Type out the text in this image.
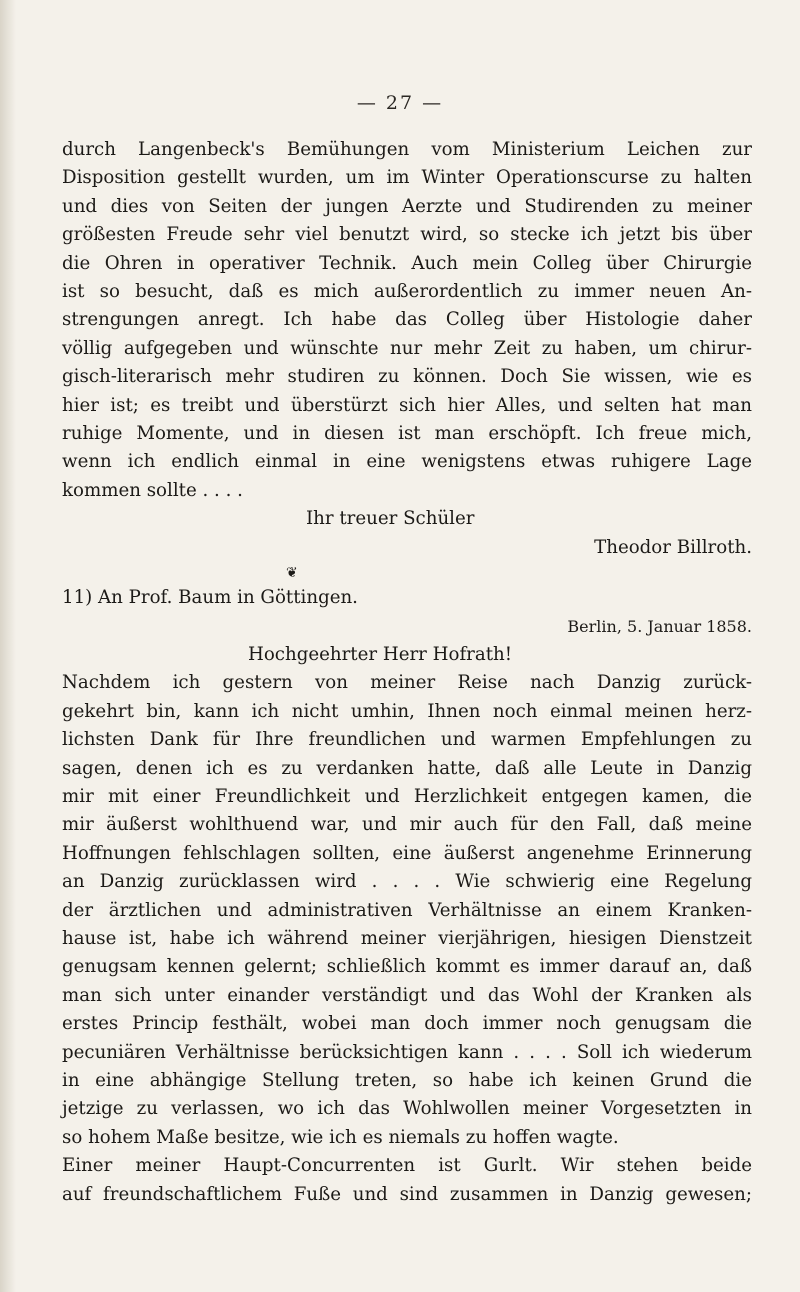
— 27 —
durch Langenbeck's Bemühungen vom Ministerium Leichen zur
Disposition gestellt wurden, um im Winter Operationscurse zu halten
und dies von Seiten der jungen Aerzte und Studirenden zu meiner
größesten Freude sehr viel benutzt wird, so stecke ich jetzt bis über
die Ohren in operativer Technik. Auch mein Colleg über Chirurgie
ist so besucht, daß es mich außerordentlich zu immer neuen An-
strengungen anregt. Ich habe das Colleg über Histologie daher
völlig aufgegeben und wünschte nur mehr Zeit zu haben, um chirur-
gisch-literarisch mehr studiren zu können. Doch Sie wissen, wie es
hier ist; es treibt und überstürzt sich hier Alles, und selten hat man
ruhige Momente, und in diesen ist man erschöpft. Ich freue mich,
wenn ich endlich einmal in eine wenigstens etwas ruhigere Lage
kommen sollte . . . .
Ihr treuer Schüler
Theodor Billroth.
❦
11) An Prof. Baum in Göttingen.
Berlin, 5. Januar 1858.
Hochgeehrter Herr Hofrath!
Nachdem ich gestern von meiner Reise nach Danzig zurück-
gekehrt bin, kann ich nicht umhin, Ihnen noch einmal meinen herz-
lichsten Dank für Ihre freundlichen und warmen Empfehlungen zu
sagen, denen ich es zu verdanken hatte, daß alle Leute in Danzig
mir mit einer Freundlichkeit und Herzlichkeit entgegen kamen, die
mir äußerst wohlthuend war, und mir auch für den Fall, daß meine
Hoffnungen fehlschlagen sollten, eine äußerst angenehme Erinnerung
an Danzig zurücklassen wird . . . . Wie schwierig eine Regelung
der ärztlichen und administrativen Verhältnisse an einem Kranken-
hause ist, habe ich während meiner vierjährigen, hiesigen Dienstzeit
genugsam kennen gelernt; schließlich kommt es immer darauf an, daß
man sich unter einander verständigt und das Wohl der Kranken als
erstes Princip festhält, wobei man doch immer noch genugsam die
pecuniären Verhältnisse berücksichtigen kann . . . . Soll ich wiederum
in eine abhängige Stellung treten, so habe ich keinen Grund die
jetzige zu verlassen, wo ich das Wohlwollen meiner Vorgesetzten in
so hohem Maße besitze, wie ich es niemals zu hoffen wagte.
Einer meiner Haupt-Concurrenten ist Gurlt. Wir stehen beide
auf freundschaftlichem Fuße und sind zusammen in Danzig gewesen;
